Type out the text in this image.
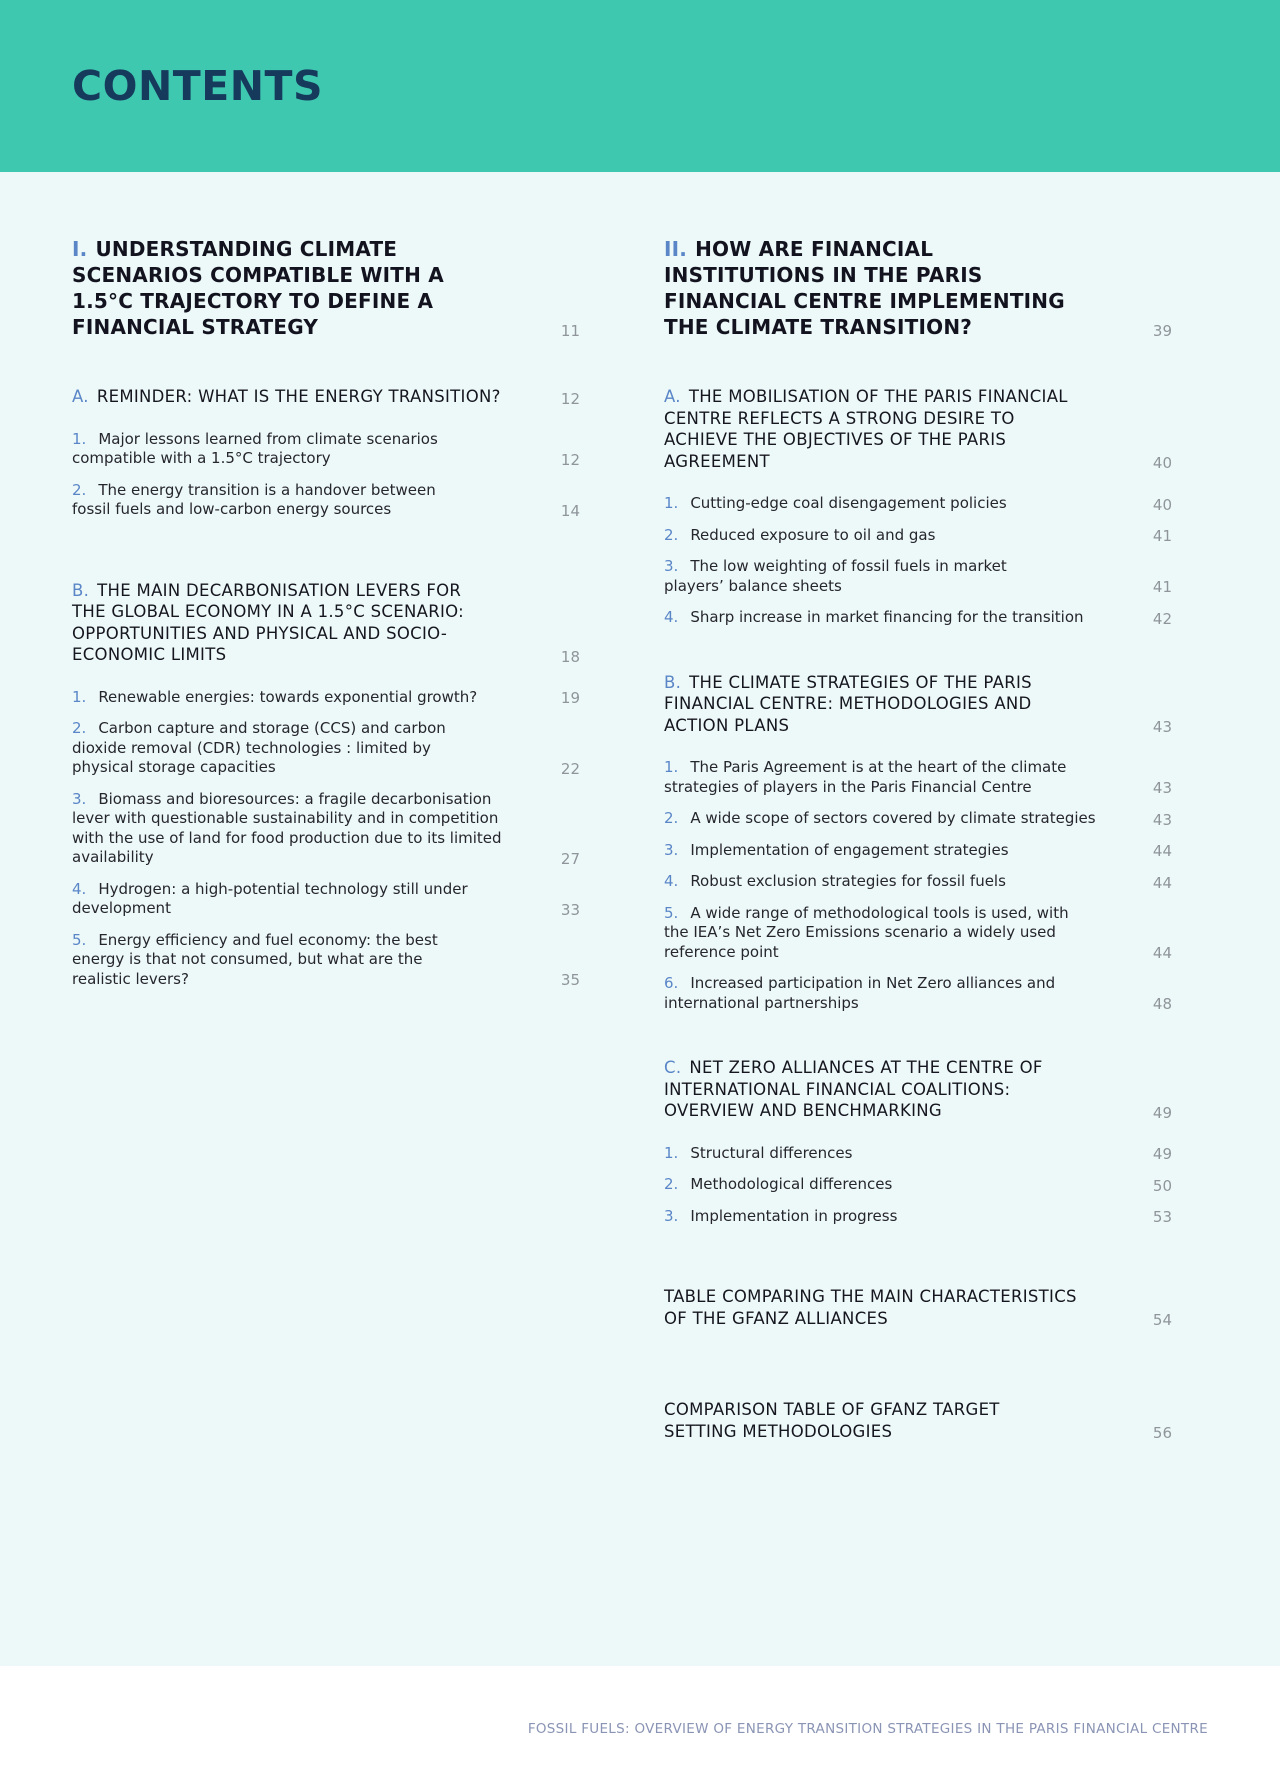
CONTENTS
I. UNDERSTANDING CLIMATE SCENARIOS COMPATIBLE WITH A 1.5°C TRAJECTORY TO DEFINE A FINANCIAL STRATEGY	11
A. REMINDER: WHAT IS THE ENERGY TRANSITION?	12
1. Major lessons learned from climate scenarios compatible with a 1.5°C trajectory	12
2. The energy transition is a handover between fossil fuels and low-carbon energy sources	14
B. THE MAIN DECARBONISATION LEVERS FOR THE GLOBAL ECONOMY IN A 1.5°C SCENARIO: OPPORTUNITIES AND PHYSICAL AND SOCIO-ECONOMIC LIMITS	18
1. Renewable energies: towards exponential growth?	19
2. Carbon capture and storage (CCS) and carbon dioxide removal (CDR) technologies : limited by physical storage capacities	22
3. Biomass and bioresources: a fragile decarbonisation lever with questionable sustainability and in competition with the use of land for food production due to its limited availability	27
4. Hydrogen: a high-potential technology still under development	33
5. Energy efficiency and fuel economy: the best energy is that not consumed, but what are the realistic levers?	35
II. HOW ARE FINANCIAL INSTITUTIONS IN THE PARIS FINANCIAL CENTRE IMPLEMENTING THE CLIMATE TRANSITION?	39
A. THE MOBILISATION OF THE PARIS FINANCIAL CENTRE REFLECTS A STRONG DESIRE TO ACHIEVE THE OBJECTIVES OF THE PARIS AGREEMENT	40
1. Cutting-edge coal disengagement policies	40
2. Reduced exposure to oil and gas	41
3. The low weighting of fossil fuels in market players’ balance sheets	41
4. Sharp increase in market financing for the transition	42
B. THE CLIMATE STRATEGIES OF THE PARIS FINANCIAL CENTRE: METHODOLOGIES AND ACTION PLANS	43
1. The Paris Agreement is at the heart of the climate strategies of players in the Paris Financial Centre	43
2. A wide scope of sectors covered by climate strategies	43
3. Implementation of engagement strategies	44
4. Robust exclusion strategies for fossil fuels	44
5. A wide range of methodological tools is used, with the IEA’s Net Zero Emissions scenario a widely used reference point	44
6. Increased participation in Net Zero alliances and international partnerships	48
C. NET ZERO ALLIANCES AT THE CENTRE OF INTERNATIONAL FINANCIAL COALITIONS: OVERVIEW AND BENCHMARKING	49
1. Structural differences	49
2. Methodological differences	50
3. Implementation in progress	53
TABLE COMPARING THE MAIN CHARACTERISTICS OF THE GFANZ ALLIANCES	54
COMPARISON TABLE OF GFANZ TARGET SETTING METHODOLOGIES	56
FOSSIL FUELS: OVERVIEW OF ENERGY TRANSITION STRATEGIES IN THE PARIS FINANCIAL CENTRE
